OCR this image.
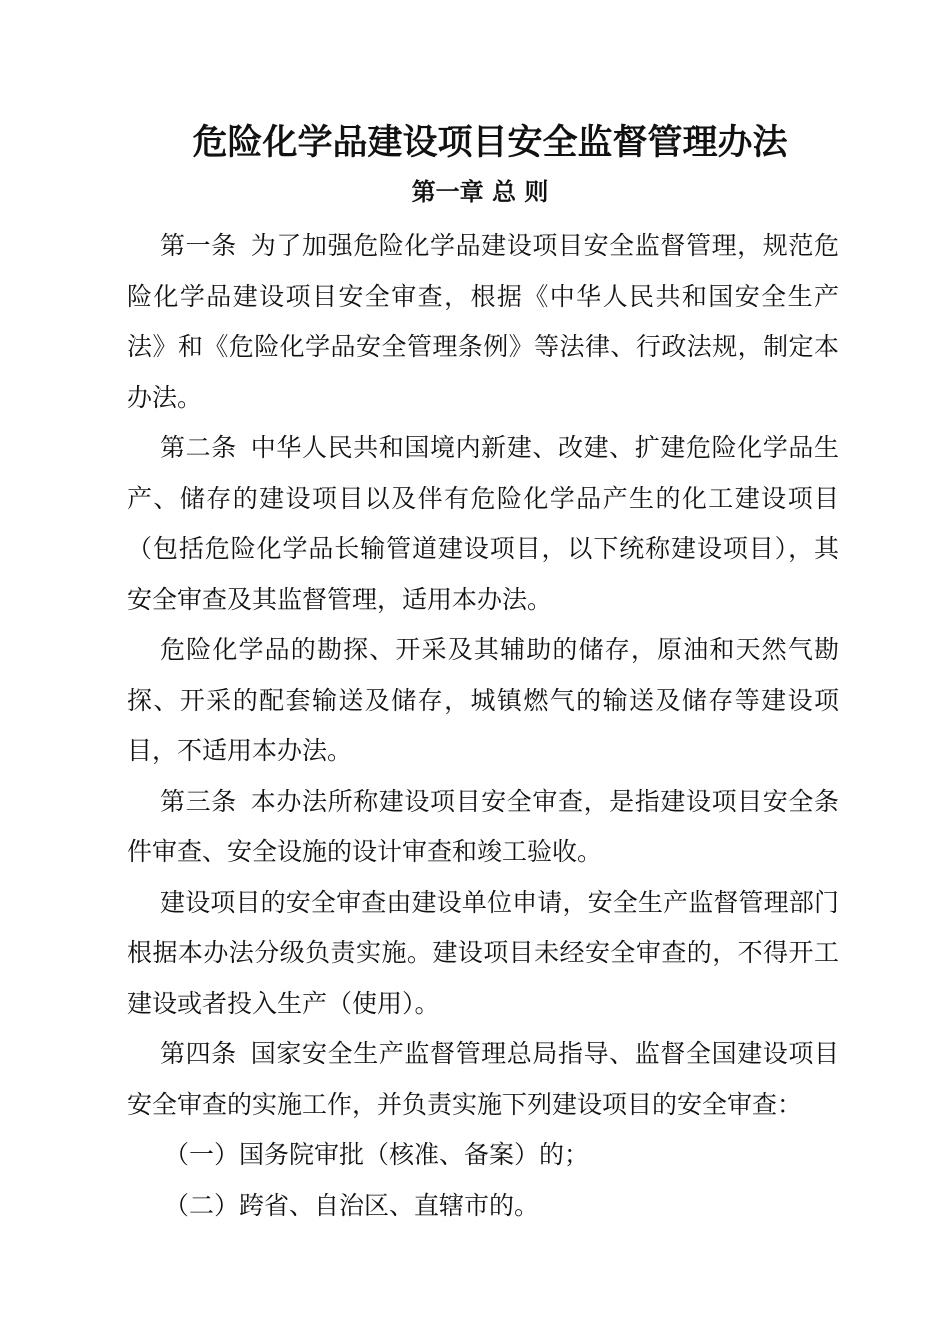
危险化学品建设项目安全监督管理办法
第一章 总 则

第一条 为了加强危险化学品建设项目安全监督管理，规范危险化学品建设项目安全审查，根据《中华人民共和国安全生产法》和《危险化学品安全管理条例》等法律、行政法规，制定本办法。

第二条 中华人民共和国境内新建、改建、扩建危险化学品生产、储存的建设项目以及伴有危险化学品产生的化工建设项目（包括危险化学品长输管道建设项目，以下统称建设项目），其安全审查及其监督管理，适用本办法。

危险化学品的勘探、开采及其辅助的储存，原油和天然气勘探、开采的配套输送及储存，城镇燃气的输送及储存等建设项目，不适用本办法。

第三条 本办法所称建设项目安全审查，是指建设项目安全条件审查、安全设施的设计审查和竣工验收。

建设项目的安全审查由建设单位申请，安全生产监督管理部门根据本办法分级负责实施。建设项目未经安全审查的，不得开工建设或者投入生产（使用）。

第四条 国家安全生产监督管理总局指导、监督全国建设项目安全审查的实施工作，并负责实施下列建设项目的安全审查：

（一）国务院审批（核准、备案）的；

（二）跨省、自治区、直辖市的。
